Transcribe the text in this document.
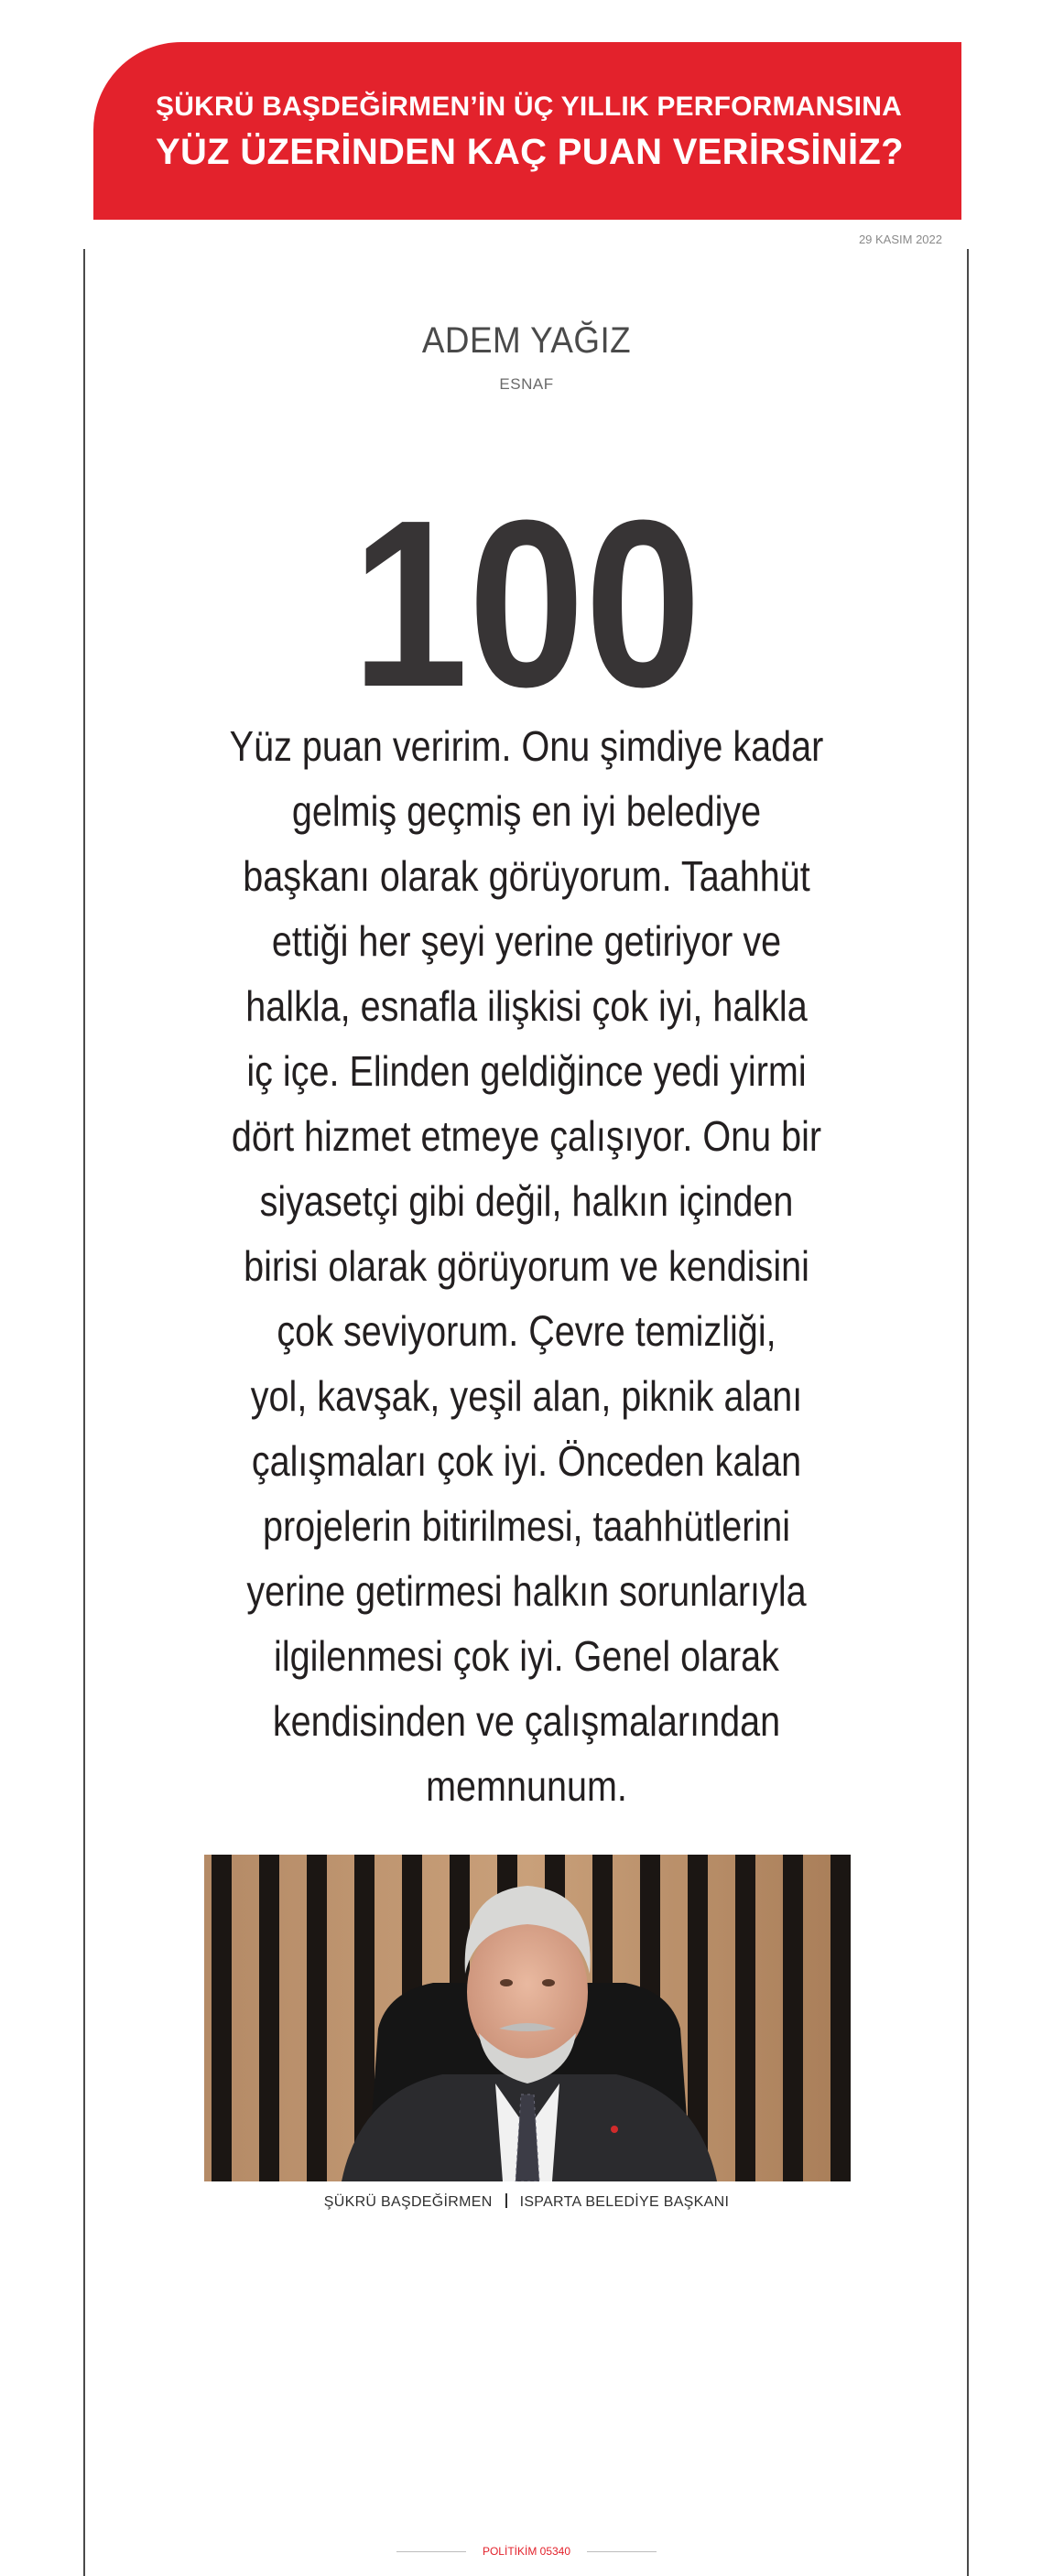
ŞÜKRÜ BAŞDEĞİRMEN’İN ÜÇ YILLIK PERFORMANSINA
YÜZ ÜZERİNDEN KAÇ PUAN VERİRSİNİZ?
29 KASIM 2022
ADEM YAĞIZ
ESNAF
100
Yüz puan veririm. Onu şimdiye kadar
gelmiş geçmiş en iyi belediye
başkanı olarak görüyorum. Taahhüt
ettiği her şeyi yerine getiriyor ve
halkla, esnafla ilişkisi çok iyi, halkla
iç içe. Elinden geldiğince yedi yirmi
dört hizmet etmeye çalışıyor. Onu bir
siyasetçi gibi değil, halkın içinden
birisi olarak görüyorum ve kendisini
çok seviyorum. Çevre temizliği,
yol, kavşak, yeşil alan, piknik alanı
çalışmaları çok iyi. Önceden kalan
projelerin bitirilmesi, taahhütlerini
yerine getirmesi halkın sorunlarıyla
ilgilenmesi çok iyi. Genel olarak
kendisinden ve çalışmalarından
memnunum.
ŞÜKRÜ BAŞDEĞİRMEN ISPARTA BELEDİYE BAŞKANI
POLİTİKİM 05340
